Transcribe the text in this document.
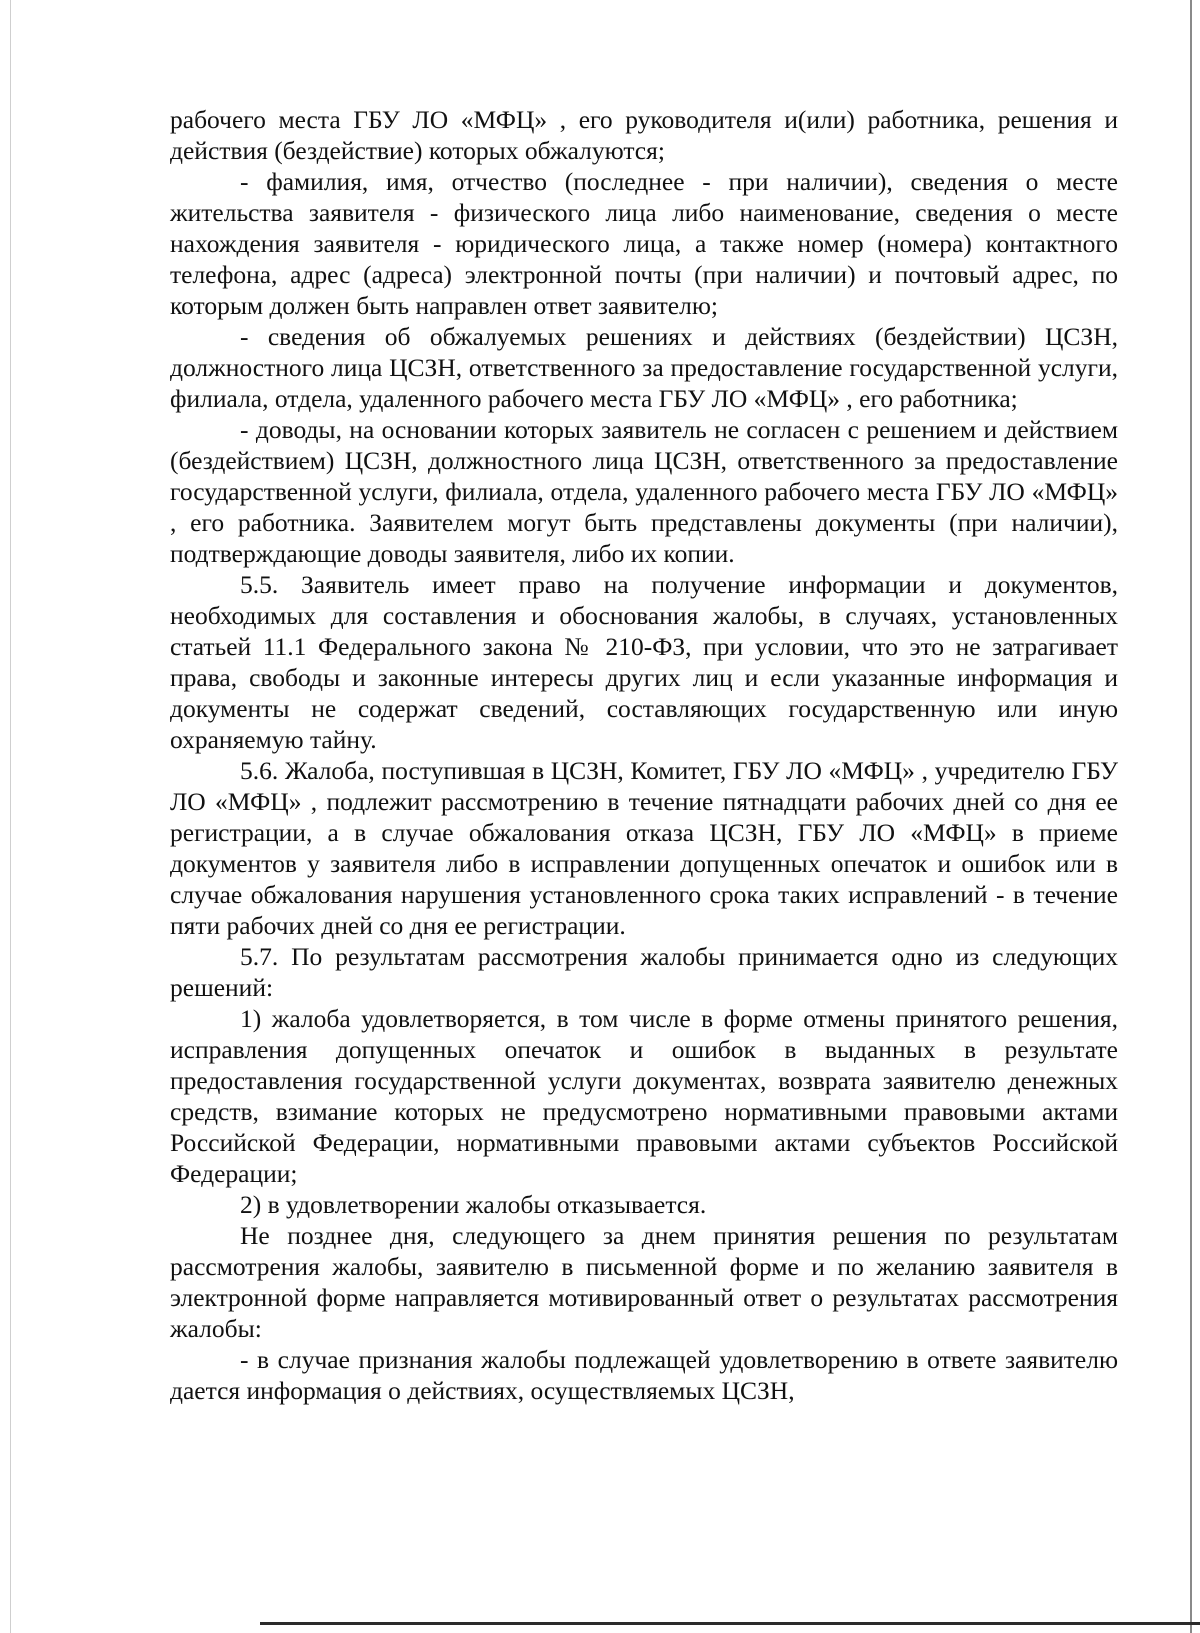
рабочего места ГБУ ЛО «МФЦ» , его руководителя и(или) работника, решения и действия (бездействие) которых обжалуются;

- фамилия, имя, отчество (последнее - при наличии), сведения о месте жительства заявителя - физического лица либо наименование, сведения о месте нахождения заявителя - юридического лица, а также номер (номера) контактного телефона, адрес (адреса) электронной почты (при наличии) и почтовый адрес, по которым должен быть направлен ответ заявителю;

- сведения об обжалуемых решениях и действиях (бездействии) ЦСЗН, должностного лица ЦСЗН, ответственного за предоставление государственной услуги, филиала, отдела, удаленного рабочего места ГБУ ЛО «МФЦ» , его работника;

- доводы, на основании которых заявитель не согласен с решением и действием (бездействием) ЦСЗН, должностного лица ЦСЗН, ответственного за предоставление государственной услуги, филиала, отдела, удаленного рабочего места ГБУ ЛО «МФЦ» , его работника. Заявителем могут быть представлены документы (при наличии), подтверждающие доводы заявителя, либо их копии.

5.5. Заявитель имеет право на получение информации и документов, необходимых для составления и обоснования жалобы, в случаях, установленных статьей 11.1 Федерального закона № 210-ФЗ, при условии, что это не затрагивает права, свободы и законные интересы других лиц и если указанные информация и документы не содержат сведений, составляющих государственную или иную охраняемую тайну.

5.6. Жалоба, поступившая в ЦСЗН, Комитет, ГБУ ЛО «МФЦ» , учредителю ГБУ ЛО «МФЦ» , подлежит рассмотрению в течение пятнадцати рабочих дней со дня ее регистрации, а в случае обжалования отказа ЦСЗН, ГБУ ЛО «МФЦ» в приеме документов у заявителя либо в исправлении допущенных опечаток и ошибок или в случае обжалования нарушения установленного срока таких исправлений - в течение пяти рабочих дней со дня ее регистрации.

5.7. По результатам рассмотрения жалобы принимается одно из следующих решений:

1) жалоба удовлетворяется, в том числе в форме отмены принятого решения, исправления допущенных опечаток и ошибок в выданных в результате предоставления государственной услуги документах, возврата заявителю денежных средств, взимание которых не предусмотрено нормативными правовыми актами Российской Федерации, нормативными правовыми актами субъектов Российской Федерации;

2) в удовлетворении жалобы отказывается.

Не позднее дня, следующего за днем принятия решения по результатам рассмотрения жалобы, заявителю в письменной форме и по желанию заявителя в электронной форме направляется мотивированный ответ о результатах рассмотрения жалобы:

- в случае признания жалобы подлежащей удовлетворению в ответе заявителю дается информация о действиях, осуществляемых ЦСЗН,
